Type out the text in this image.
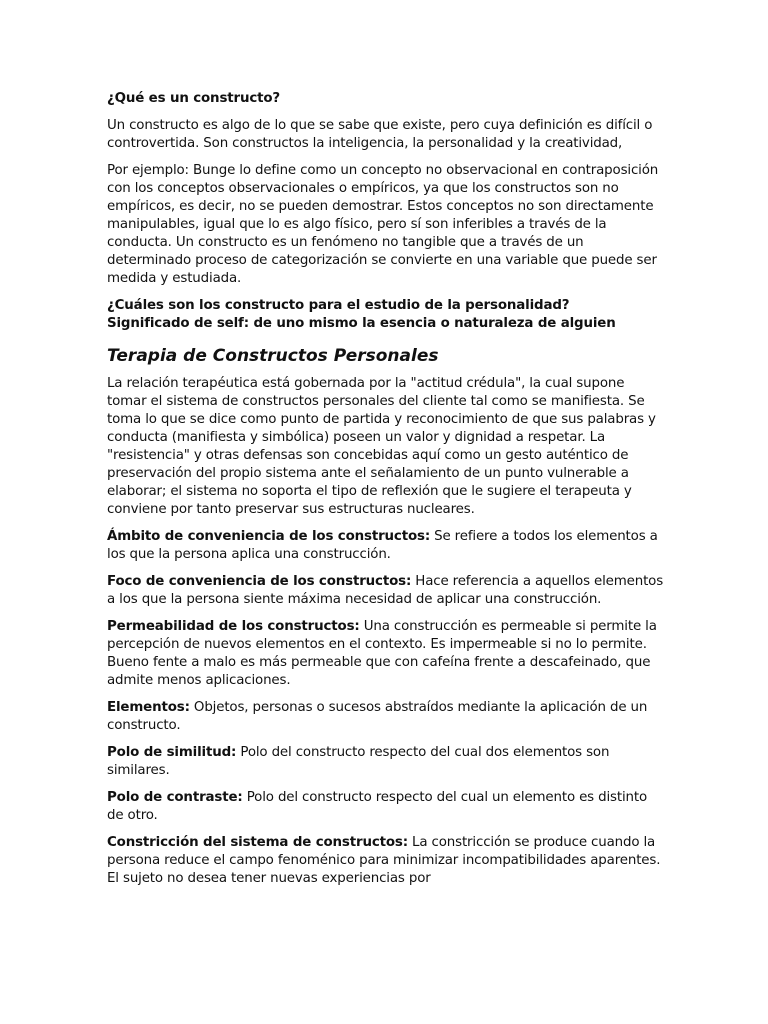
¿Qué es un constructo?

Un constructo es algo de lo que se sabe que existe, pero cuya definición es difícil o controvertida. Son constructos la inteligencia, la personalidad y la creatividad,

Por ejemplo: Bunge lo define como un concepto no observacional en contraposición con los conceptos observacionales o empíricos, ya que los constructos son no empíricos, es decir, no se pueden demostrar. Estos conceptos no son directamente manipulables, igual que lo es algo físico, pero sí son inferibles a través de la conducta. Un constructo es un fenómeno no tangible que a través de un determinado proceso de categorización se convierte en una variable que puede ser medida y estudiada.

¿Cuáles son los constructo para el estudio de la personalidad?

Significado de self: de uno mismo la esencia o naturaleza de alguien

Terapia de Constructos Personales

La relación terapéutica está gobernada por la "actitud crédula", la cual supone tomar el sistema de constructos personales del cliente tal como se manifiesta. Se toma lo que se dice como punto de partida y reconocimiento de que sus palabras y conducta (manifiesta y simbólica) poseen un valor y dignidad a respetar. La "resistencia" y otras defensas son concebidas aquí como un gesto auténtico de preservación del propio sistema ante el señalamiento de un punto vulnerable a elaborar; el sistema no soporta el tipo de reflexión que le sugiere el terapeuta y conviene por tanto preservar sus estructuras nucleares.

Ámbito de conveniencia de los constructos: Se refiere a todos los elementos a los que la persona aplica una construcción.

Foco de conveniencia de los constructos: Hace referencia a aquellos elementos a los que la persona siente máxima necesidad de aplicar una construcción.

Permeabilidad de los constructos: Una construcción es permeable si permite la percepción de nuevos elementos en el contexto. Es impermeable si no lo permite. Bueno fente a malo es más permeable que con cafeína frente a descafeinado, que admite menos aplicaciones.

Elementos: Objetos, personas o sucesos abstraídos mediante la aplicación de un constructo.

Polo de similitud: Polo del constructo respecto del cual dos elementos son similares.

Polo de contraste: Polo del constructo respecto del cual un elemento es distinto de otro.

Constricción del sistema de constructos: La constricción se produce cuando la persona reduce el campo fenoménico para minimizar incompatibilidades aparentes. El sujeto no desea tener nuevas experiencias por
